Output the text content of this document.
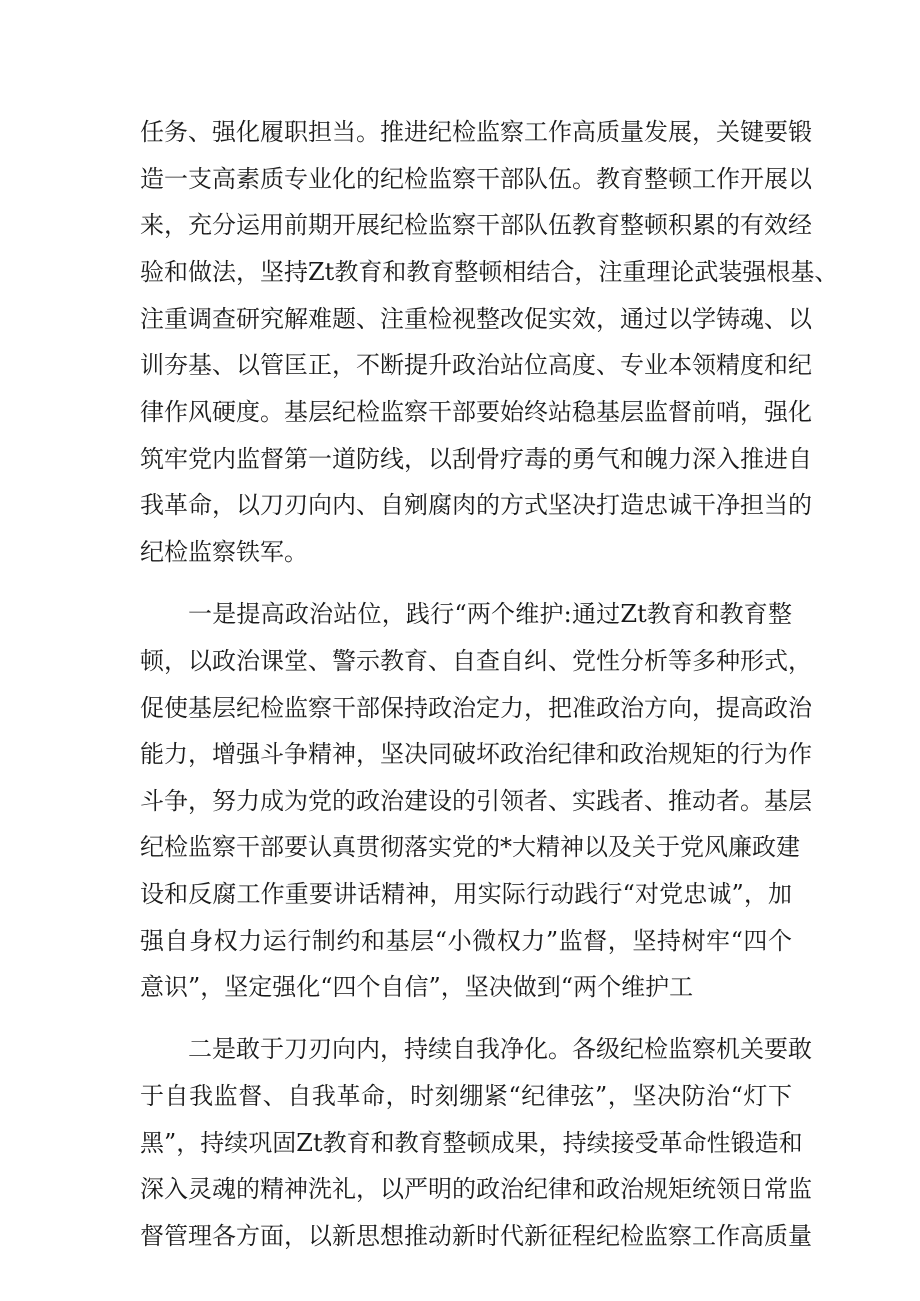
任务、强化履职担当。推进纪检监察工作高质量发展，关键要锻
造一支高素质专业化的纪检监察干部队伍。教育整顿工作开展以
来，充分运用前期开展纪检监察干部队伍教育整顿积累的有效经
验和做法，坚持Zt教育和教育整顿相结合，注重理论武装强根基、
注重调查研究解难题、注重检视整改促实效，通过以学铸魂、以
训夯基、以管匡正，不断提升政治站位高度、专业本领精度和纪
律作风硬度。基层纪检监察干部要始终站稳基层监督前哨，强化
筑牢党内监督第一道防线，以刮骨疗毒的勇气和魄力深入推进自
我革命，以刀刃向内、自剜腐肉的方式坚决打造忠诚干净担当的
纪检监察铁军。
一是提高政治站位，践行“两个维护:通过Zt教育和教育整
顿，以政治课堂、警示教育、自查自纠、党性分析等多种形式，
促使基层纪检监察干部保持政治定力，把准政治方向，提高政治
能力，增强斗争精神，坚决同破坏政治纪律和政治规矩的行为作
斗争，努力成为党的政治建设的引领者、实践者、推动者。基层
纪检监察干部要认真贯彻落实党的*大精神以及关于党风廉政建
设和反腐工作重要讲话精神，用实际行动践行“对党忠诚”，加
强自身权力运行制约和基层“小微权力”监督，坚持树牢“四个
意识”，坚定强化“四个自信”，坚决做到“两个维护工
二是敢于刀刃向内，持续自我净化。各级纪检监察机关要敢
于自我监督、自我革命，时刻绷紧“纪律弦”，坚决防治“灯下
黑”，持续巩固Zt教育和教育整顿成果，持续接受革命性锻造和
深入灵魂的精神洗礼，以严明的政治纪律和政治规矩统领日常监
督管理各方面，以新思想推动新时代新征程纪检监察工作高质量
